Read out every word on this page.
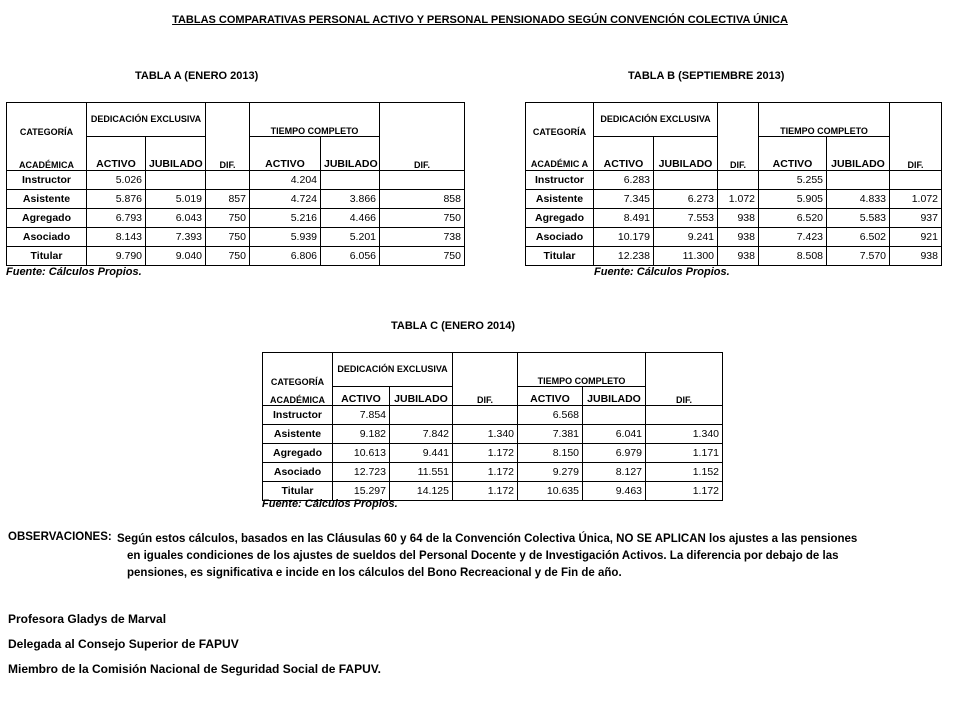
TABLAS COMPARATIVAS PERSONAL ACTIVO Y PERSONAL PENSIONADO SEGÚN CONVENCIÓN COLECTIVA ÚNICA
TABLA A (ENERO 2013)
CATEGORÍA	DEDICACIÓN EXCLUSIVA		DIF.	TIEMPO COMPLETO		DIF.
ACADÉMICA	ACTIVO	JUBILADO		ACTIVO	JUBILADO	
Instructor	5.026			4.204		
Asistente	5.876	5.019	857	4.724	3.866	858
Agregado	6.793	6.043	750	5.216	4.466	750
Asociado	8.143	7.393	750	5.939	5.201	738
Titular	9.790	9.040	750	6.806	6.056	750
Fuente: Cálculos Propios.
TABLA B (SEPTIEMBRE 2013)
CATEGORÍA	DEDICACIÓN EXCLUSIVA		DIF.	TIEMPO COMPLETO		DIF.
ACADÉMIC A	ACTIVO	JUBILADO		ACTIVO	JUBILADO	
Instructor	6.283			5.255		
Asistente	7.345	6.273	1.072	5.905	4.833	1.072
Agregado	8.491	7.553	938	6.520	5.583	937
Asociado	10.179	9.241	938	7.423	6.502	921
Titular	12.238	11.300	938	8.508	7.570	938
Fuente: Cálculos Propios.
TABLA C (ENERO 2014)
CATEGORÍA	DEDICACIÓN EXCLUSIVA		DIF.	TIEMPO COMPLETO		DIF.
ACADÉMICA	ACTIVO	JUBILADO		ACTIVO	JUBILADO	
Instructor	7.854			6.568		
Asistente	9.182	7.842	1.340	7.381	6.041	1.340
Agregado	10.613	9.441	1.172	8.150	6.979	1.171
Asociado	12.723	11.551	1.172	9.279	8.127	1.152
Titular	15.297	14.125	1.172	10.635	9.463	1.172
Fuente: Cálculos Propios.
OBSERVACIONES: Según estos cálculos, basados en las Cláusulas 60 y 64 de la Convención Colectiva Única, NO SE APLICAN los ajustes a las pensiones
en iguales condiciones de los ajustes de sueldos del Personal Docente y de Investigación Activos. La diferencia por debajo de las
pensiones, es significativa e incide en los cálculos del Bono Recreacional y de Fin de año.
Profesora Gladys de Marval
Delegada al Consejo Superior de FAPUV
Miembro de la Comisión Nacional de Seguridad Social de FAPUV.
